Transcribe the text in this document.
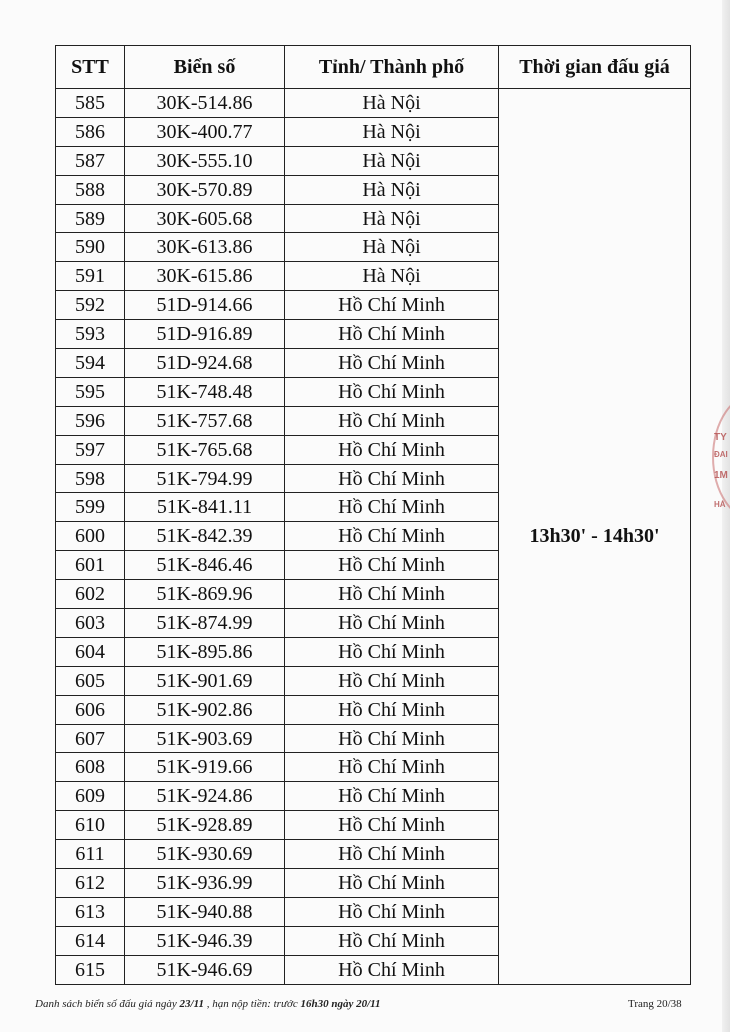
TY
ĐAI
1M
HÀ
STT	Biển số	Tỉnh/ Thành phố	Thời gian đấu giá
585	30K-514.86	Hà Nội	13h30' - 14h30'
586	30K-400.77	Hà Nội	
587	30K-555.10	Hà Nội	
588	30K-570.89	Hà Nội	
589	30K-605.68	Hà Nội	
590	30K-613.86	Hà Nội	
591	30K-615.86	Hà Nội	
592	51D-914.66	Hồ Chí Minh	
593	51D-916.89	Hồ Chí Minh	
594	51D-924.68	Hồ Chí Minh	
595	51K-748.48	Hồ Chí Minh	
596	51K-757.68	Hồ Chí Minh	
597	51K-765.68	Hồ Chí Minh	
598	51K-794.99	Hồ Chí Minh	
599	51K-841.11	Hồ Chí Minh	
600	51K-842.39	Hồ Chí Minh	
601	51K-846.46	Hồ Chí Minh	
602	51K-869.96	Hồ Chí Minh	
603	51K-874.99	Hồ Chí Minh	
604	51K-895.86	Hồ Chí Minh	
605	51K-901.69	Hồ Chí Minh	
606	51K-902.86	Hồ Chí Minh	
607	51K-903.69	Hồ Chí Minh	
608	51K-919.66	Hồ Chí Minh	
609	51K-924.86	Hồ Chí Minh	
610	51K-928.89	Hồ Chí Minh	
611	51K-930.69	Hồ Chí Minh	
612	51K-936.99	Hồ Chí Minh	
613	51K-940.88	Hồ Chí Minh	
614	51K-946.39	Hồ Chí Minh	
615	51K-946.69	Hồ Chí Minh	
Danh sách biển số đấu giá ngày 23/11 , hạn nộp tiền: trước 16h30 ngày 20/11	Trang 20/38
